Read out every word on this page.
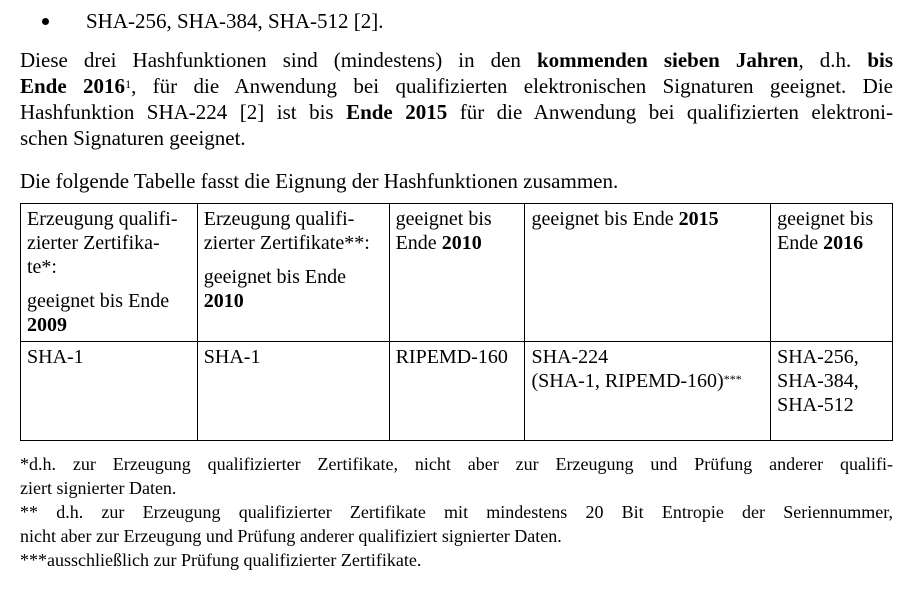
SHA-256, SHA-384, SHA-512 [2].
Diese drei Hashfunktionen sind (mindestens) in den kommenden sieben Jahren, d.h. bis
Ende 2016$^1$, für die Anwendung bei qualifizierten elektronischen Signaturen geeignet. Die
Hashfunktion SHA-224 [2] ist bis Ende 2015 für die Anwendung bei qualifizierten elektroni-
schen Signaturen geeignet.
Die folgende Tabelle fasst die Eignung der Hashfunktionen zusammen.
Erzeugung qualifi-
zierter Zertifika-
te*:
geeignet bis Ende
2009	Erzeugung qualifi-
zierter Zertifikate**:
geeignet bis Ende
2010	geeignet bis
Ende 2010	geeignet bis Ende 2015	geeignet bis
Ende 2016
SHA-1	SHA-1	RIPEMD-160	SHA-224
(SHA-1, RIPEMD-160)***	SHA-256,
SHA-384,
SHA-512
*d.h. zur Erzeugung qualifizierter Zertifikate, nicht aber zur Erzeugung und Prüfung anderer qualifi-
ziert signierter Daten.
** d.h. zur Erzeugung qualifizierter Zertifikate mit mindestens 20 Bit Entropie der Seriennummer,
nicht aber zur Erzeugung und Prüfung anderer qualifiziert signierter Daten.
***ausschließlich zur Prüfung qualifizierter Zertifikate.
